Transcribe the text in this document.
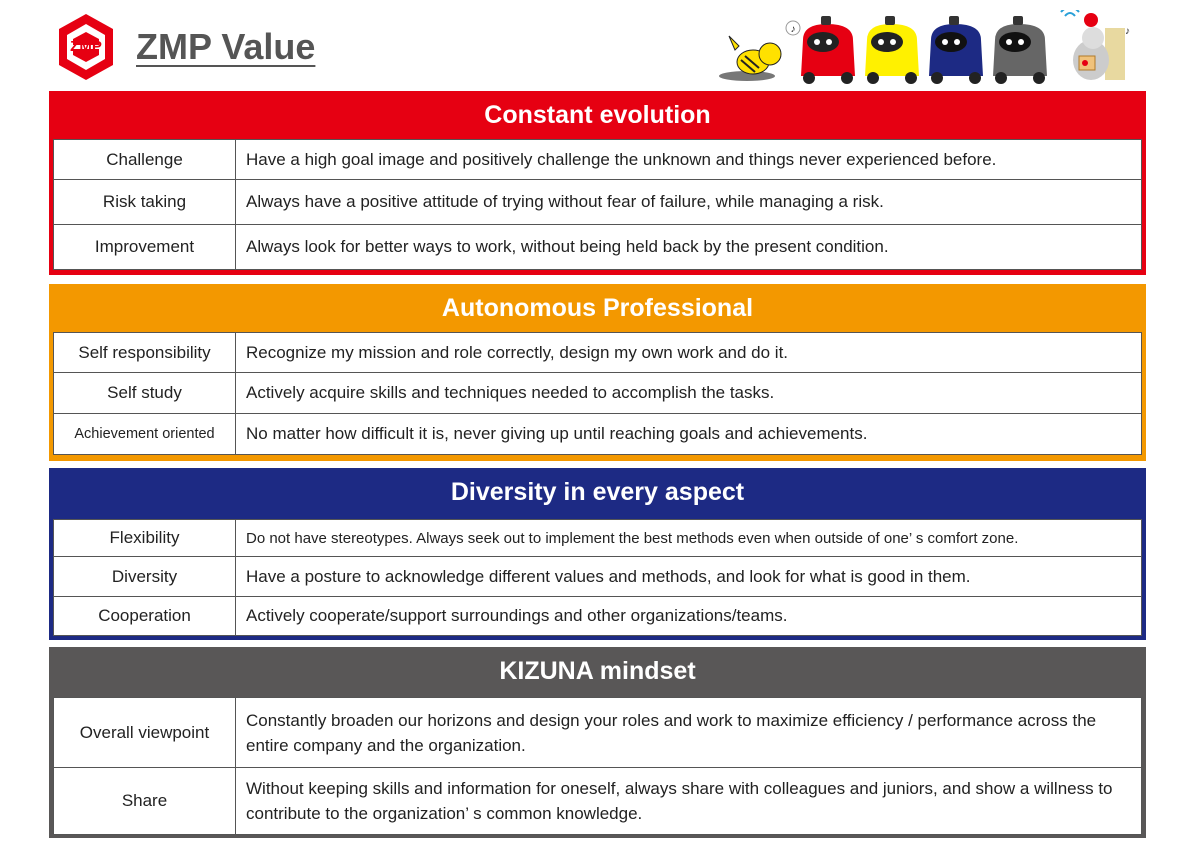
ZMP ZMP Value	♪	♪
Constant evolution
Challenge	Have a high goal image and positively challenge the unknown and things never experienced before.
Risk taking	Always have a positive attitude of trying without fear of failure, while managing a risk.
Improvement	Always look for better ways to work, without being held back by the present condition.
Autonomous Professional
Self responsibility	Recognize my mission and role correctly, design my own work and do it.
Self study	Actively acquire skills and techniques needed to accomplish the tasks.
Achievement oriented	No matter how difficult it is, never giving up until reaching goals and achievements.
Diversity in every aspect
Flexibility	Do not have stereotypes. Always seek out to implement the best methods even when outside of one’ s comfort zone.
Diversity	Have a posture to acknowledge different values and methods, and look for what is good in them.
Cooperation	Actively cooperate/support surroundings and other organizations/teams.
KIZUNA mindset
Overall viewpoint	Constantly broaden our horizons and design your roles and work to maximize efficiency / performance across the entire company and the organization.
Share	Without keeping skills and information for oneself, always share with colleagues and juniors, and show a willness to contribute to the organization’ s common knowledge.
